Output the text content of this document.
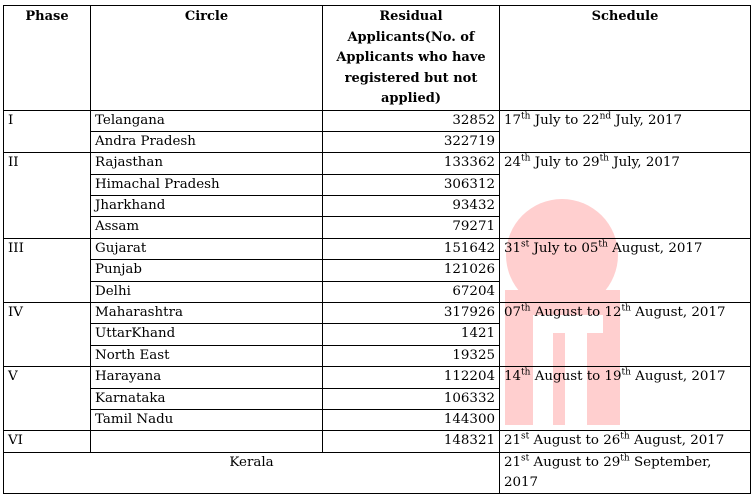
Phase	Circle	Residual Applicants(No. of Applicants who have registered but not applied)	Schedule
I	Telangana	32852	17th July to 22nd July, 2017
	Andra Pradesh	322719	
II	Rajasthan	133362	24th July to 29th July, 2017
	Himachal Pradesh	306312	
	Jharkhand	93432	
	Assam	79271	
III	Gujarat	151642	31st July to 05th August, 2017
	Punjab	121026	
	Delhi	67204	
IV	Maharashtra	317926	07th August to 12th August, 2017
	UttarKhand	1421	
	North East	19325	
V	Harayana	112204	14th August to 19th August, 2017
	Karnataka	106332	
	Tamil Nadu	144300	
VI		148321	21st August to 26th August, 2017
Kerala			21st August to 29th September, 2017
